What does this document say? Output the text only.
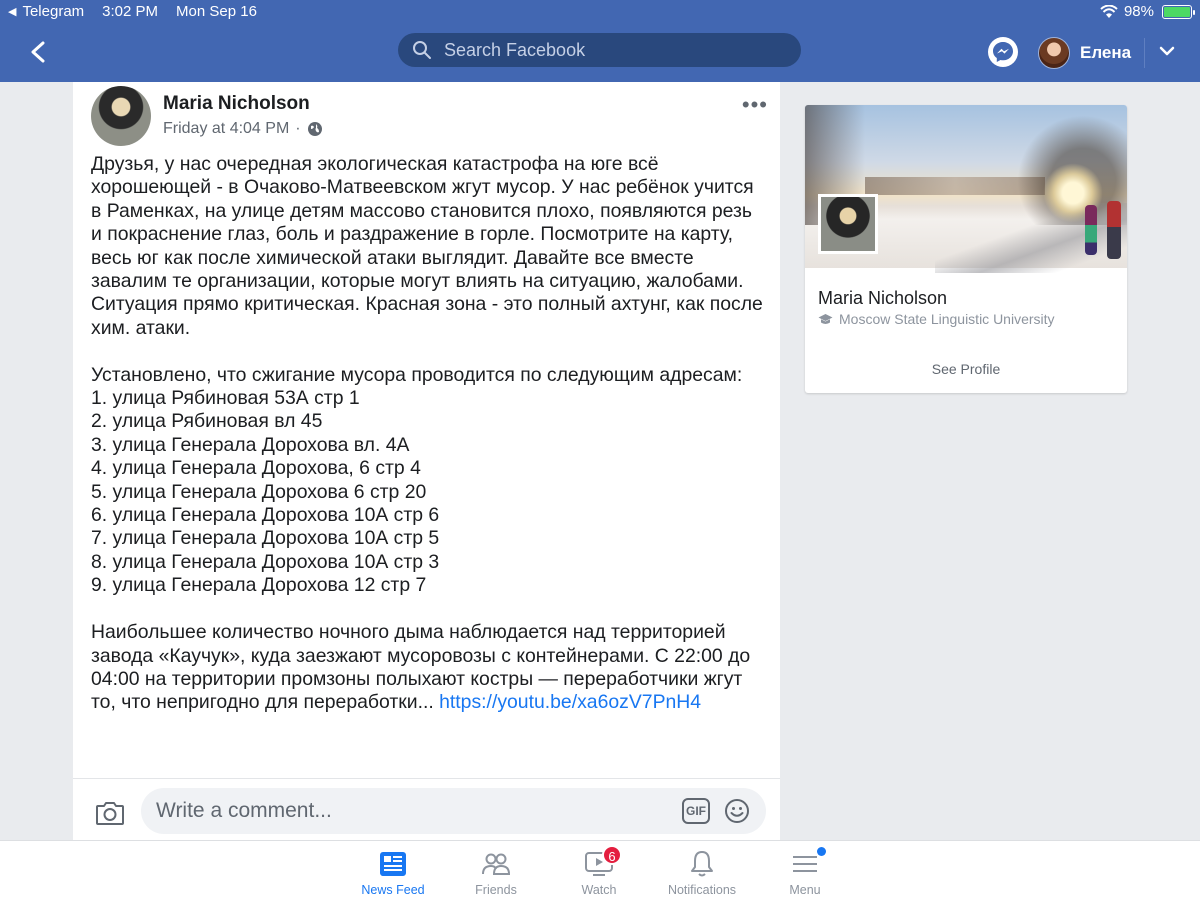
◀ Telegram 3:02 PM Mon Sep 16	98%
Search Facebook
Елена
Maria Nicholson
Friday at 4:04 PM ·
•••

Друзья, у нас очередная экологическая катастрофа на юге всё хорошеющей - в Очаково-Матвеевском жгут мусор. У нас ребёнок учится в Раменках, на улице детям массово становится плохо, появляются резь и покраснение глаз, боль и раздражение в горле. Посмотрите на карту, весь юг как после химической атаки выглядит. Давайте все вместе завалим те организации, которые могут влиять на ситуацию, жалобами. Ситуация прямо критическая. Красная зона - это полный ахтунг, как после хим. атаки.

Установлено, что сжигание мусора проводится по следующим адресам:

1. улица Рябиновая 53А стр 1

2. улица Рябиновая вл 45

3. улица Генерала Дорохова вл. 4А

4. улица Генерала Дорохова, 6 стр 4

5. улица Генерала Дорохова 6 стр 20

6. улица Генерала Дорохова 10А стр 6

7. улица Генерала Дорохова 10А стр 5

8. улица Генерала Дорохова 10А стр 3

9. улица Генерала Дорохова 12 стр 7

Наибольшее количество ночного дыма наблюдается над территорией завода «Каучук», куда заезжают мусоровозы с контейнерами. С 22:00 до 04:00 на территории промзоны полыхают костры — переработчики жгут то, что непригодно для переработки... https://youtu.be/xa6ozV7PnH4

Write a comment...
GIF
Maria Nicholson
Moscow State Linguistic University
See Profile
News Feed	Friends
6
Watch	Notifications	Menu
